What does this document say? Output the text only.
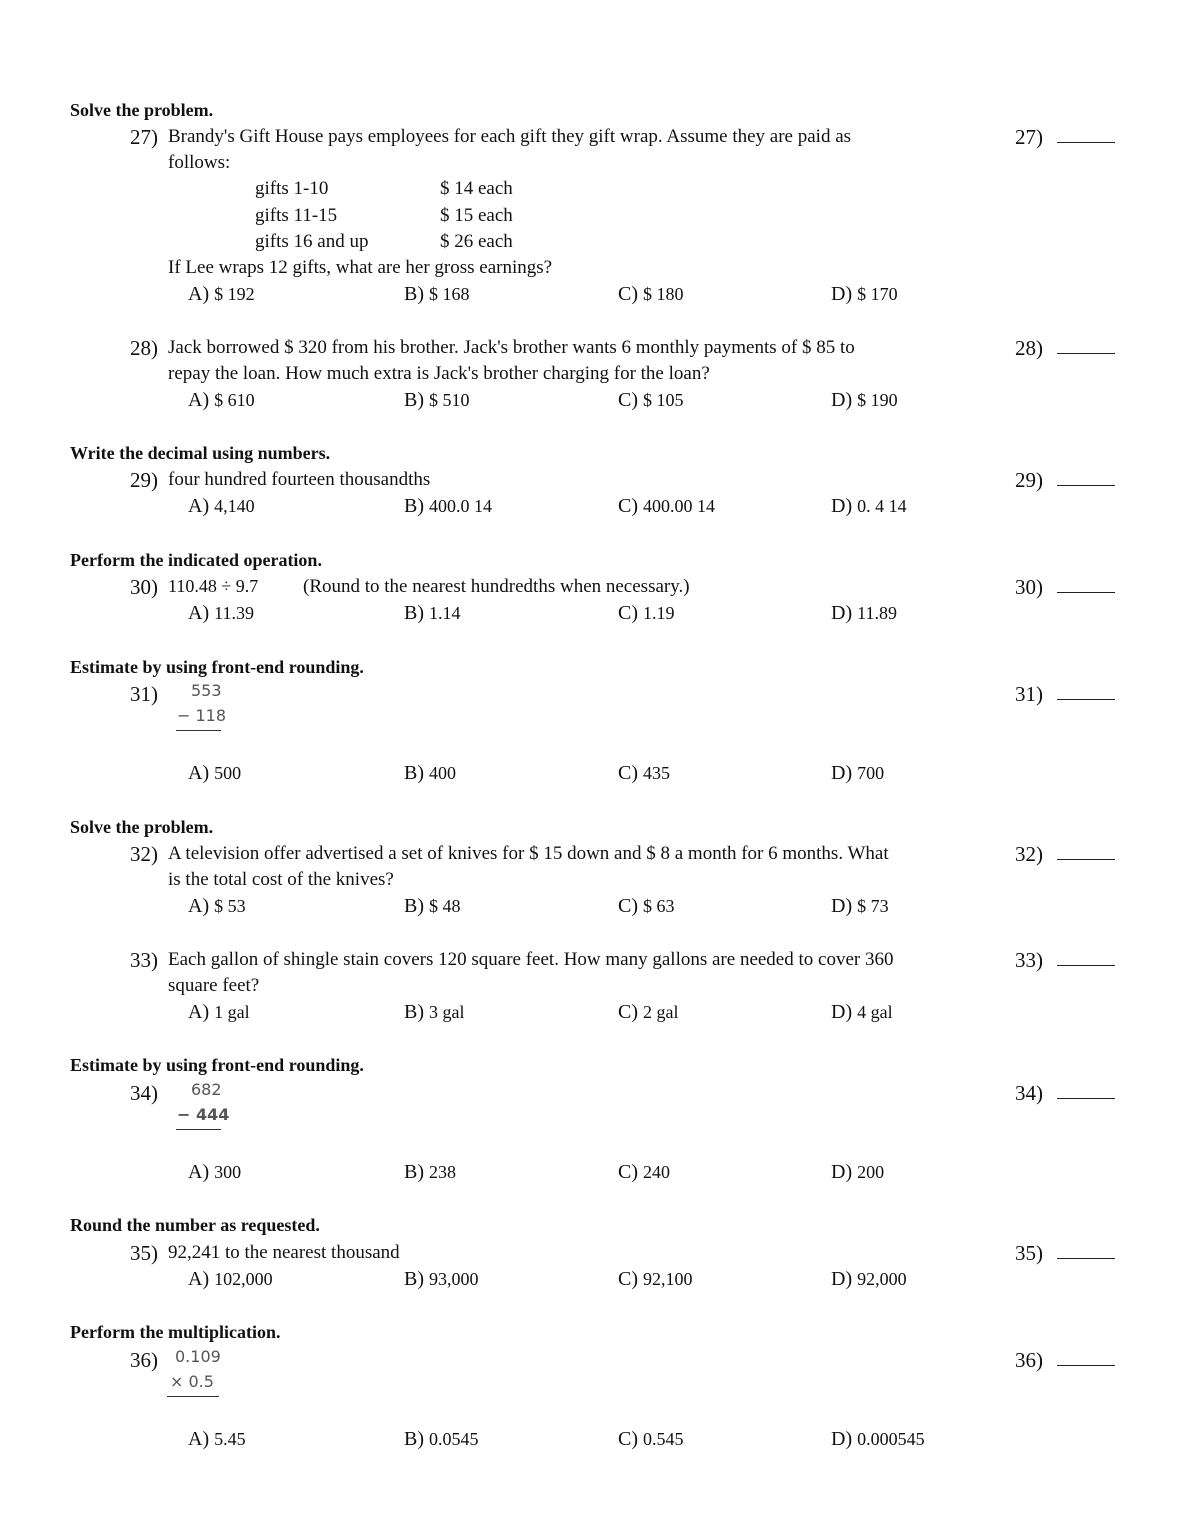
Solve the problem.
27) Brandy's Gift House pays employees for each gift they gift wrap. Assume they are paid as
follows:
gifts 1-10	$ 14 each
gifts 11-15	$ 15 each
gifts 16 and up	$ 26 each
If Lee wraps 12 gifts, what are her gross earnings?
A) $ 192	B) $ 168	C) $ 180	D) $ 170
27)
28) Jack borrowed $ 320 from his brother. Jack's brother wants 6 monthly payments of $ 85 to
repay the loan. How much extra is Jack's brother charging for the loan?
A) $ 610	B) $ 510	C) $ 105	D) $ 190
28)
Write the decimal using numbers.
29) four hundred fourteen thousandths
A) 4,140	B) 400.0 14	C) 400.00 14	D) 0. 4 14
29)
Perform the indicated operation.
30) 110.48 ÷ 9.7 (Round to the nearest hundredths when necessary.)
A) 11.39	B) 1.14	C) 1.19	D) 11.89
30)
Estimate by using front-end rounding.
31) 553
− 118
A) 500	B) 400	C) 435	D) 700
31)
Solve the problem.
32) A television offer advertised a set of knives for $ 15 down and $ 8 a month for 6 months. What
is the total cost of the knives?
A) $ 53	B) $ 48	C) $ 63	D) $ 73
32)
33) Each gallon of shingle stain covers 120 square feet. How many gallons are needed to cover 360
square feet?
A) 1 gal	B) 3 gal	C) 2 gal	D) 4 gal
33)
Estimate by using front-end rounding.
34) 682
− 444
A) 300	B) 238	C) 240	D) 200
34)
Round the number as requested.
35) 92,241 to the nearest thousand
A) 102,000	B) 93,000	C) 92,100	D) 92,000
35)
Perform the multiplication.
36) 0.109
× 0.5
A) 5.45	B) 0.0545	C) 0.545	D) 0.000545
36)
